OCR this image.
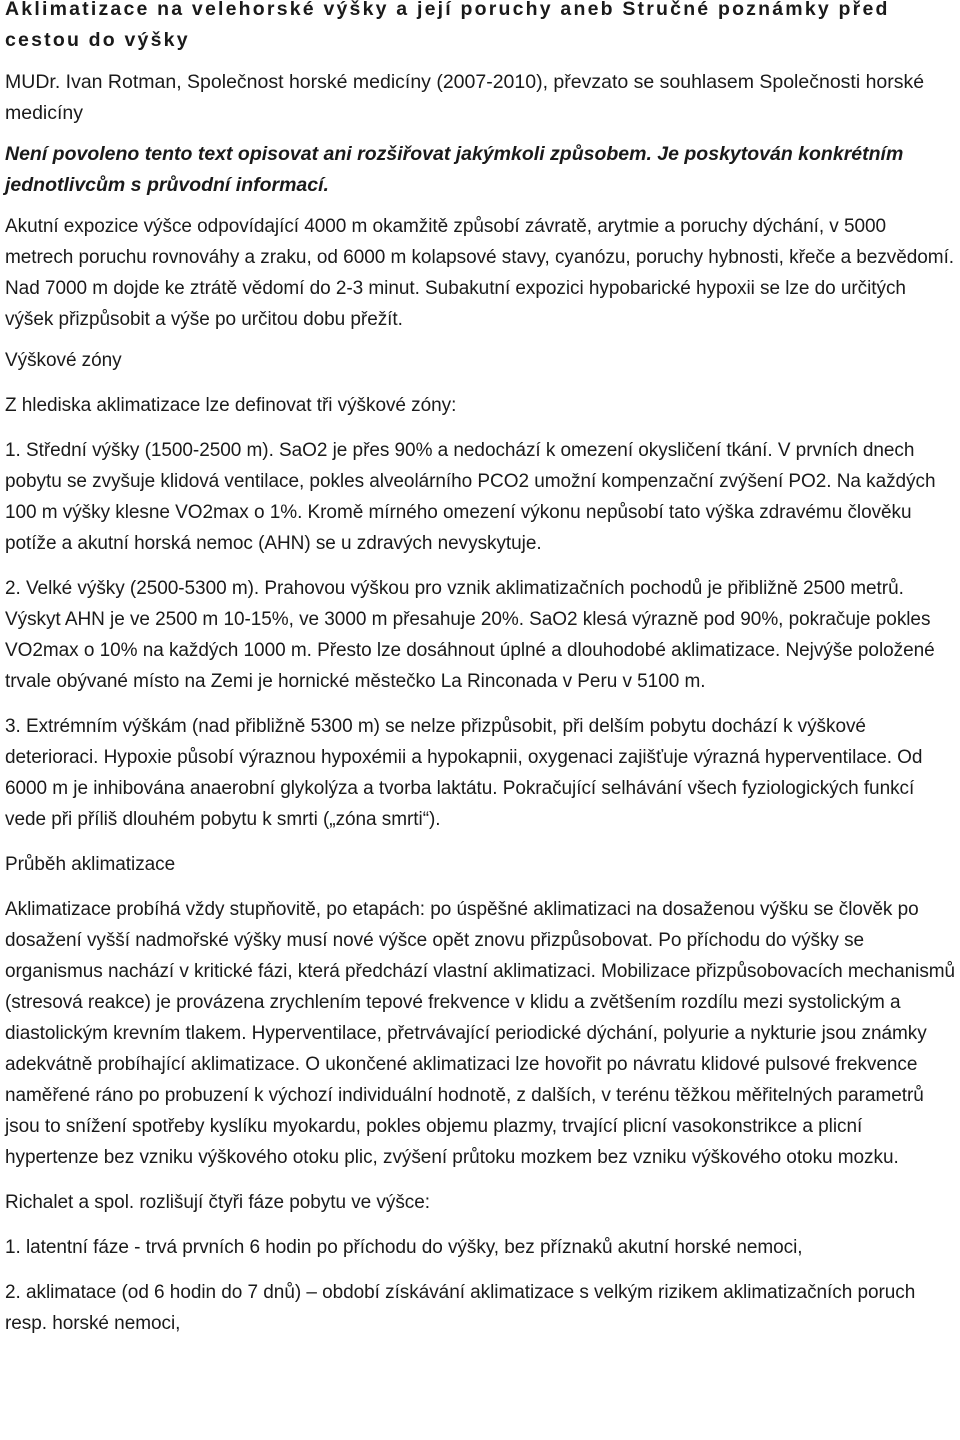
Aklimatizace na velehorské výšky a její poruchy aneb Stručné poznámky před cestou do výšky
MUDr. Ivan Rotman, Společnost horské medicíny (2007-2010), převzato se souhlasem Společnosti horské medicíny
Není povoleno tento text opisovat ani rozšiřovat jakýmkoli způsobem. Je poskytován konkrétním jednotlivcům s průvodní informací.
Akutní expozice výšce odpovídající 4000 m okamžitě způsobí závratě, arytmie a poruchy dýchání, v 5000 metrech poruchu rovnováhy a zraku, od 6000 m kolapsové stavy, cyanózu, poruchy hybnosti, křeče a bezvědomí. Nad 7000 m dojde ke ztrátě vědomí do 2-3 minut. Subakutní expozici hypobarické hypoxii se lze do určitých výšek přizpůsobit a výše po určitou dobu přežít.
Výškové zóny
Z hlediska aklimatizace lze definovat tři výškové zóny:
1. Střední výšky (1500-2500 m). SaO2 je přes 90% a nedochází k omezení okysličení tkání. V prvních dnech pobytu se zvyšuje klidová ventilace, pokles alveolárního PCO2 umožní kompenzační zvýšení PO2. Na každých 100 m výšky klesne VO2max o 1%. Kromě mírného omezení výkonu nepůsobí tato výška zdravému člověku potíže a akutní horská nemoc (AHN) se u zdravých nevyskytuje.
2. Velké výšky (2500-5300 m). Prahovou výškou pro vznik aklimatizačních pochodů je přibližně 2500 metrů. Výskyt AHN je ve 2500 m 10-15%, ve 3000 m přesahuje 20%. SaO2 klesá výrazně pod 90%, pokračuje pokles VO2max o 10% na každých 1000 m. Přesto lze dosáhnout úplné a dlouhodobé aklimatizace. Nejvýše položené trvale obývané místo na Zemi je hornické městečko La Rinconada v Peru v 5100 m.
3. Extrémním výškám (nad přibližně 5300 m) se nelze přizpůsobit, při delším pobytu dochází k výškové deterioraci. Hypoxie působí výraznou hypoxémii a hypokapnii, oxygenaci zajišťuje výrazná hyperventilace. Od 6000 m je inhibována anaerobní glykolýza a tvorba laktátu. Pokračující selhávání všech fyziologických funkcí vede při příliš dlouhém pobytu k smrti („zóna smrti“).
Průběh aklimatizace
Aklimatizace probíhá vždy stupňovitě, po etapách: po úspěšné aklimatizaci na dosaženou výšku se člověk po dosažení vyšší nadmořské výšky musí nové výšce opět znovu přizpůsobovat. Po příchodu do výšky se organismus nachází v kritické fázi, která předchází vlastní aklimatizaci. Mobilizace přizpůsobovacích mechanismů (stresová reakce) je provázena zrychlením tepové frekvence v klidu a zvětšením rozdílu mezi systolickým a diastolickým krevním tlakem. Hyperventilace, přetrvávající periodické dýchání, polyurie a nykturie jsou známky adekvátně probíhající aklimatizace. O ukončené aklimatizaci lze hovořit po návratu klidové pulsové frekvence naměřené ráno po probuzení k výchozí individuální hodnotě, z dalších, v terénu těžkou měřitelných parametrů jsou to snížení spotřeby kyslíku myokardu, pokles objemu plazmy, trvající plicní vasokonstrikce a plicní hypertenze bez vzniku výškového otoku plic, zvýšení průtoku mozkem bez vzniku výškového otoku mozku.
Richalet a spol. rozlišují čtyři fáze pobytu ve výšce:
1. latentní fáze - trvá prvních 6 hodin po příchodu do výšky, bez příznaků akutní horské nemoci,
2. aklimatace (od 6 hodin do 7 dnů) – období získávání aklimatizace s velkým rizikem aklimatizačních poruch resp. horské nemoci,
